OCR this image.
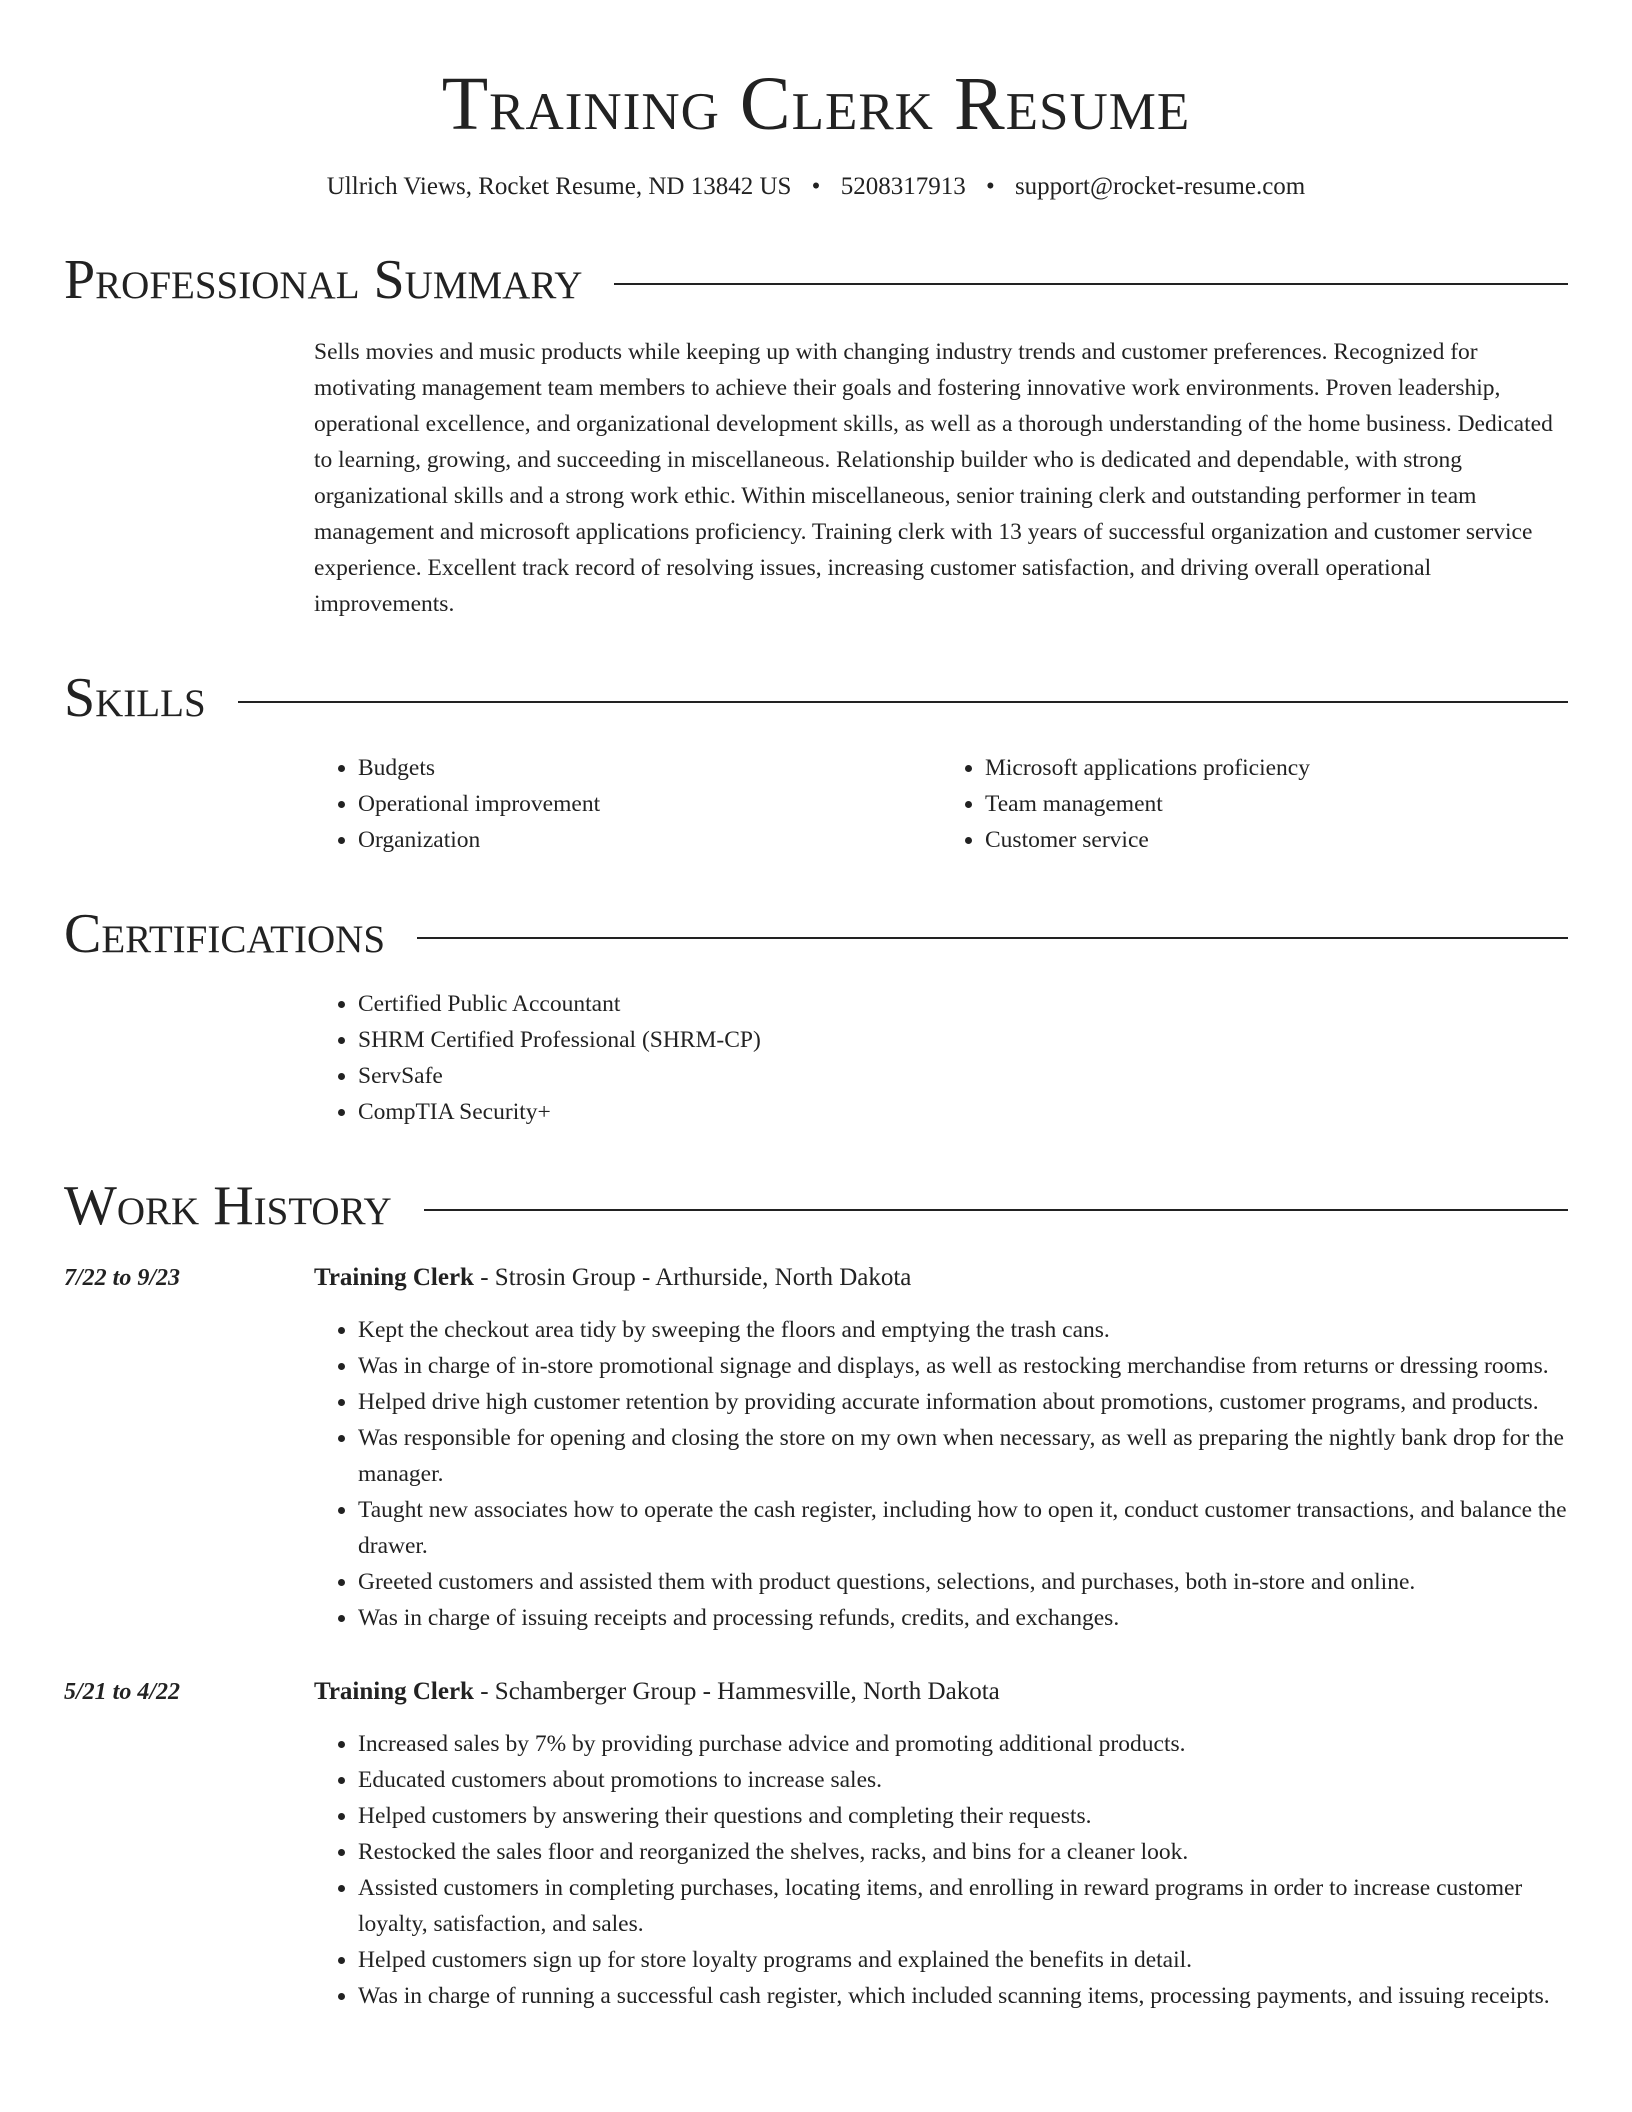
Training Clerk Resume
Ullrich Views, Rocket Resume, ND 13842 US • 5208317913 • support@rocket-resume.com
Professional Summary
Sells movies and music products while keeping up with changing industry trends and customer preferences. Recognized for motivating management team members to achieve their goals and fostering innovative work environments. Proven leadership, operational excellence, and organizational development skills, as well as a thorough understanding of the home business. Dedicated to learning, growing, and succeeding in miscellaneous. Relationship builder who is dedicated and dependable, with strong organizational skills and a strong work ethic. Within miscellaneous, senior training clerk and outstanding performer in team management and microsoft applications proficiency. Training clerk with 13 years of successful organization and customer service experience. Excellent track record of resolving issues, increasing customer satisfaction, and driving overall operational improvements.
Skills
• Budgets
• Operational improvement
• Organization
• Microsoft applications proficiency
• Team management
• Customer service
Certifications
• Certified Public Accountant
• SHRM Certified Professional (SHRM-CP)
• ServSafe
• CompTIA Security+
Work History
7/22 to 9/23	Training Clerk - Strosin Group - Arthurside, North Dakota
• Kept the checkout area tidy by sweeping the floors and emptying the trash cans.
• Was in charge of in-store promotional signage and displays, as well as restocking merchandise from returns or dressing rooms.
• Helped drive high customer retention by providing accurate information about promotions, customer programs, and products.
• Was responsible for opening and closing the store on my own when necessary, as well as preparing the nightly bank drop for the manager.
• Taught new associates how to operate the cash register, including how to open it, conduct customer transactions, and balance the drawer.
• Greeted customers and assisted them with product questions, selections, and purchases, both in-store and online.
• Was in charge of issuing receipts and processing refunds, credits, and exchanges.
5/21 to 4/22	Training Clerk - Schamberger Group - Hammesville, North Dakota
• Increased sales by 7% by providing purchase advice and promoting additional products.
• Educated customers about promotions to increase sales.
• Helped customers by answering their questions and completing their requests.
• Restocked the sales floor and reorganized the shelves, racks, and bins for a cleaner look.
• Assisted customers in completing purchases, locating items, and enrolling in reward programs in order to increase customer loyalty, satisfaction, and sales.
• Helped customers sign up for store loyalty programs and explained the benefits in detail.
• Was in charge of running a successful cash register, which included scanning items, processing payments, and issuing receipts.
